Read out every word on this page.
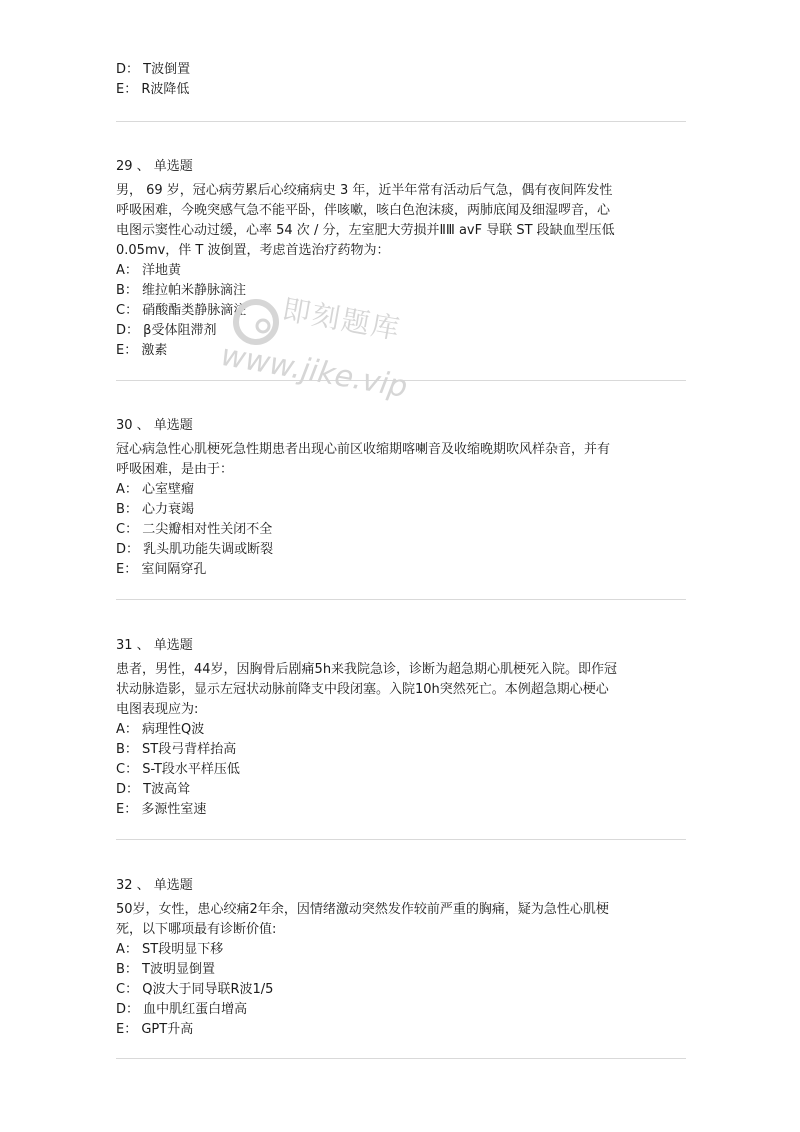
D： T波倒置
E： R波降低
29 、 单选题
男， 69 岁，冠心病劳累后心绞痛病史 3 年，近半年常有活动后气急，偶有夜间阵发性
呼吸困难，今晚突感气急不能平卧，伴咳嗽，咳白色泡沫痰，两肺底闻及细湿啰音，心
电图示窦性心动过缓，心率 54 次 / 分，左室肥大劳损并ⅡⅢ avF 导联 ST 段缺血型压低
0.05mv，伴 T 波倒置，考虑首选治疗药物为：
A： 洋地黄
B： 维拉帕米静脉滴注
C： 硝酸酯类静脉滴注
D： β受体阻滞剂
E： 激素
30 、 单选题
冠心病急性心肌梗死急性期患者出现心前区收缩期喀喇音及收缩晚期吹风样杂音，并有
呼吸困难，是由于：
A： 心室壁瘤
B： 心力衰竭
C： 二尖瓣相对性关闭不全
D： 乳头肌功能失调或断裂
E： 室间隔穿孔
31 、 单选题
患者，男性，44岁，因胸骨后剧痛5h来我院急诊，诊断为超急期心肌梗死入院。即作冠
状动脉造影，显示左冠状动脉前降支中段闭塞。入院10h突然死亡。本例超急期心梗心
电图表现应为:
A： 病理性Q波
B： ST段弓背样抬高
C： S-T段水平样压低
D： T波高耸
E： 多源性室速
32 、 单选题
50岁，女性，患心绞痛2年余，因情绪激动突然发作较前严重的胸痛，疑为急性心肌梗
死，以下哪项最有诊断价值:
A： ST段明显下移
B： T波明显倒置
C： Q波大于同导联R波1/5
D： 血中肌红蛋白增高
E： GPT升高
即刻题库
www.jike.vip
